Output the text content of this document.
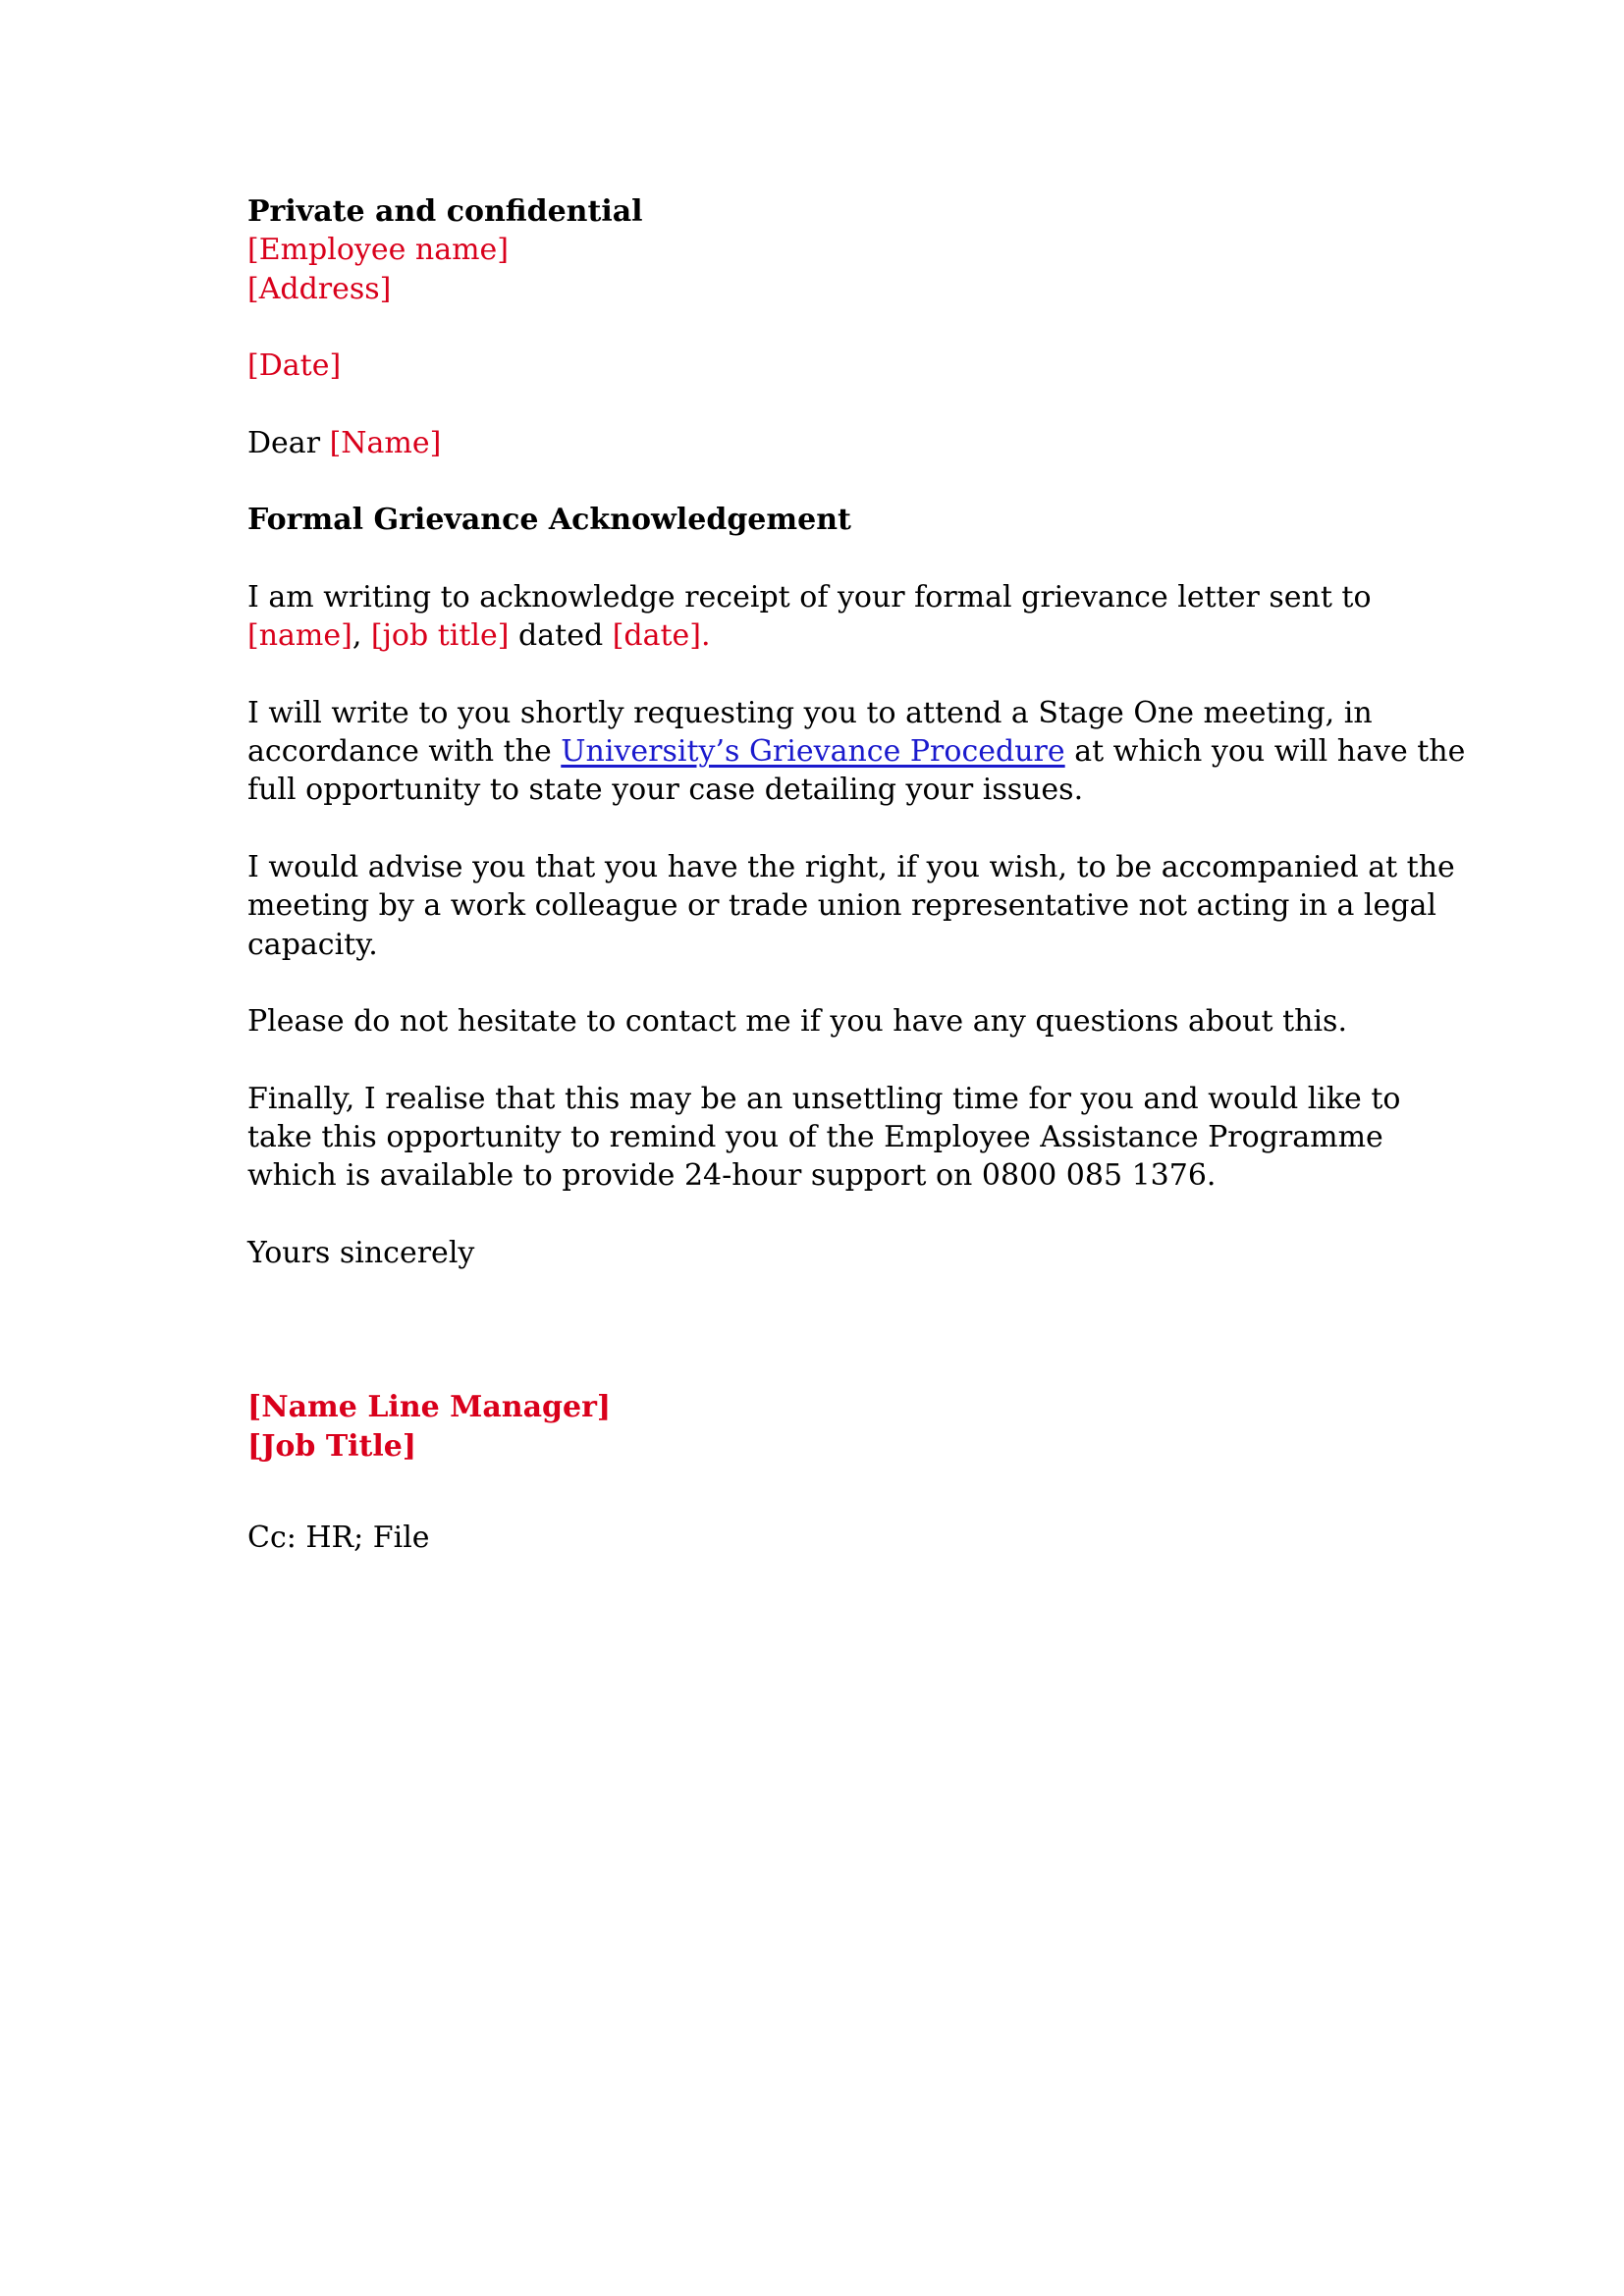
Private and confidential
[Employee name]
[Address]
[Date]
Dear [Name]
Formal Grievance Acknowledgement
I am writing to acknowledge receipt of your formal grievance letter sent to
[name], [job title] dated [date].
I will write to you shortly requesting you to attend a Stage One meeting, in
accordance with the University’s Grievance Procedure at which you will have the
full opportunity to state your case detailing your issues.
I would advise you that you have the right, if you wish, to be accompanied at the
meeting by a work colleague or trade union representative not acting in a legal
capacity.
Please do not hesitate to contact me if you have any questions about this.
Finally, I realise that this may be an unsettling time for you and would like to
take this opportunity to remind you of the Employee Assistance Programme
which is available to provide 24-hour support on 0800 085 1376.
Yours sincerely
[Name Line Manager]
[Job Title]
Cc: HR; File
